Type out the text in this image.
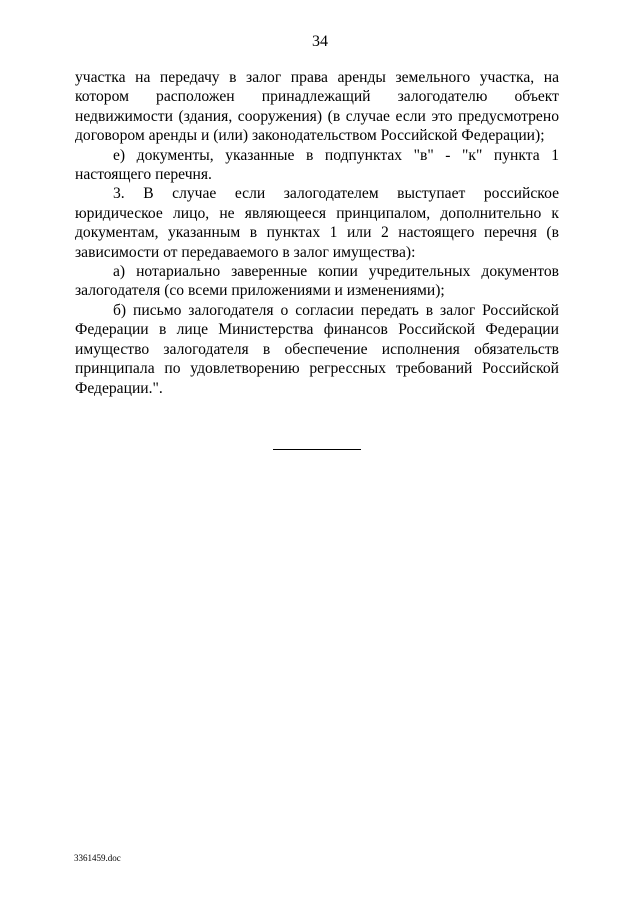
34

участка на передачу в залог права аренды земельного участка, на котором расположен принадлежащий залогодателю объект недвижимости (здания, сооружения) (в случае если это предусмотрено договором аренды и (или) законодательством Российской Федерации);

е) документы, указанные в подпунктах "в" - "к" пункта 1 настоящего перечня.

3. В случае если залогодателем выступает российское юридическое лицо, не являющееся принципалом, дополнительно к документам, указанным в пунктах 1 или 2 настоящего перечня (в зависимости от передаваемого в залог имущества):

а) нотариально заверенные копии учредительных документов залогодателя (со всеми приложениями и изменениями);

б) письмо залогодателя о согласии передать в залог Российской Федерации в лице Министерства финансов Российской Федерации имущество залогодателя в обеспечение исполнения обязательств принципала по удовлетворению регрессных требований Российской Федерации.".

3361459.doc
